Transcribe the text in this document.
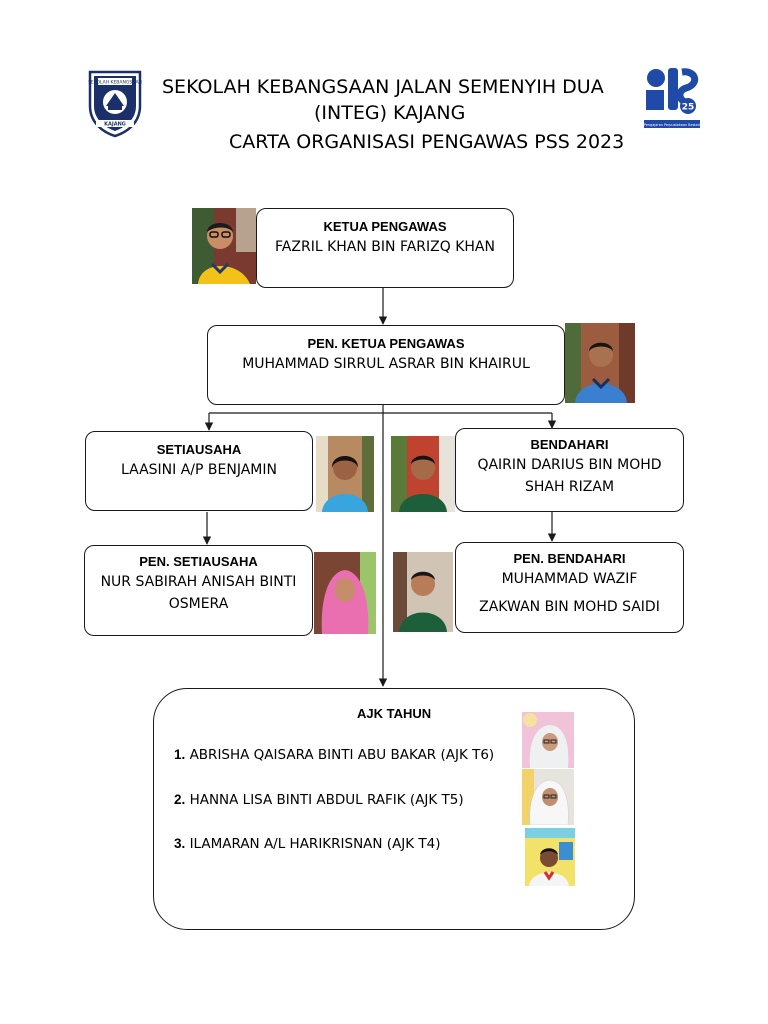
SEKOLAH KEBANGSAAN
KAJANG
SEKOLAH KEBANGSAAN JALAN SEMENYIH DUA
(INTEG) KAJANG
CARTA ORGANISASI PENGAWAS PSS 2023
25
Pengajaran Perpustakaan Bestari
KETUA PENGAWAS
FAZRIL KHAN BIN FARIZQ KHAN
PEN. KETUA PENGAWAS
MUHAMMAD SIRRUL ASRAR BIN KHAIRUL
SETIAUSAHA
LAASINI A/P BENJAMIN
BENDAHARI
QAIRIN DARIUS BIN MOHD
SHAH RIZAM
PEN. SETIAUSAHA
NUR SABIRAH ANISAH BINTI
OSMERA
PEN. BENDAHARI
MUHAMMAD WAZIF
ZAKWAN BIN MOHD SAIDI
AJK TAHUN
1. ABRISHA QAISARA BINTI ABU BAKAR (AJK T6)
2. HANNA LISA BINTI ABDUL RAFIK (AJK T5)
3. ILAMARAN A/L HARIKRISNAN (AJK T4)
